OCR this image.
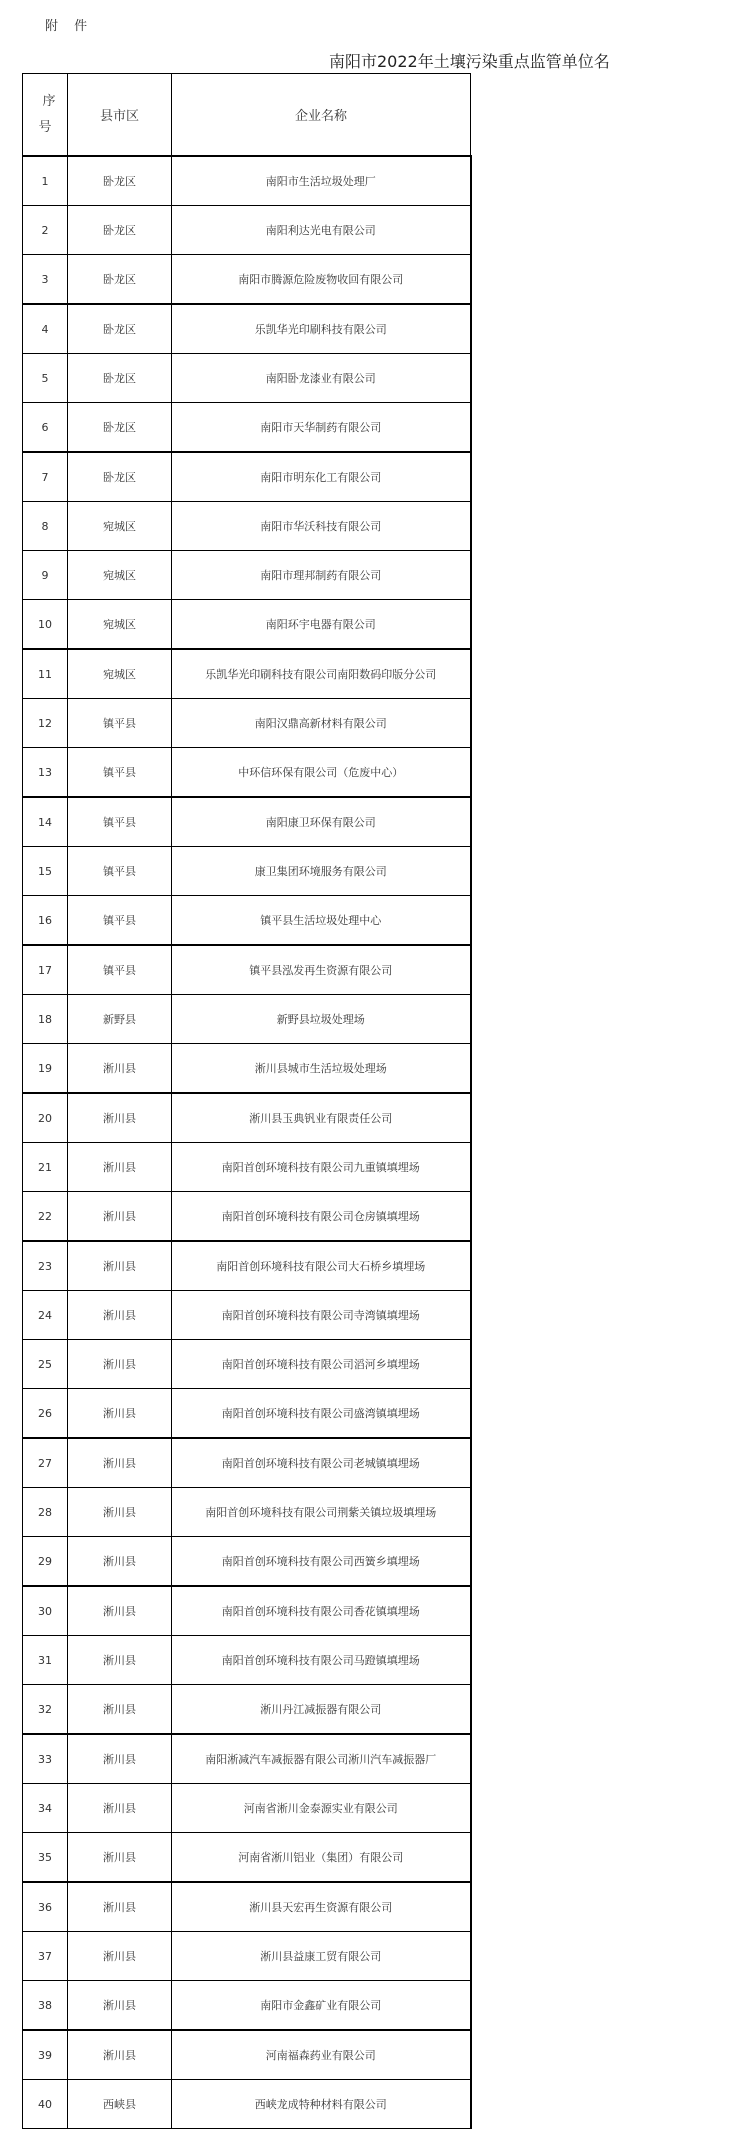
附 件
南阳市2022年土壤污染重点监管单位名
序
号	县市区	企业名称
1	卧龙区	南阳市生活垃圾处理厂
2	卧龙区	南阳利达光电有限公司
3	卧龙区	南阳市腾源危险废物收回有限公司
4	卧龙区	乐凯华光印刷科技有限公司
5	卧龙区	南阳卧龙漆业有限公司
6	卧龙区	南阳市天华制药有限公司
7	卧龙区	南阳市明东化工有限公司
8	宛城区	南阳市华沃科技有限公司
9	宛城区	南阳市理邦制药有限公司
10	宛城区	南阳环宇电器有限公司
11	宛城区	乐凯华光印刷科技有限公司南阳数码印版分公司
12	镇平县	南阳汉鼎高新材料有限公司
13	镇平县	中环信环保有限公司（危废中心）
14	镇平县	南阳康卫环保有限公司
15	镇平县	康卫集团环境服务有限公司
16	镇平县	镇平县生活垃圾处理中心
17	镇平县	镇平县泓发再生资源有限公司
18	新野县	新野县垃圾处理场
19	淅川县	淅川县城市生活垃圾处理场
20	淅川县	淅川县玉典钒业有限责任公司
21	淅川县	南阳首创环境科技有限公司九重镇填埋场
22	淅川县	南阳首创环境科技有限公司仓房镇填埋场
23	淅川县	南阳首创环境科技有限公司大石桥乡填埋场
24	淅川县	南阳首创环境科技有限公司寺湾镇填埋场
25	淅川县	南阳首创环境科技有限公司滔河乡填埋场
26	淅川县	南阳首创环境科技有限公司盛湾镇填埋场
27	淅川县	南阳首创环境科技有限公司老城镇填埋场
28	淅川县	南阳首创环境科技有限公司荆紫关镇垃圾填埋场
29	淅川县	南阳首创环境科技有限公司西簧乡填埋场
30	淅川县	南阳首创环境科技有限公司香花镇填埋场
31	淅川县	南阳首创环境科技有限公司马蹬镇填埋场
32	淅川县	淅川丹江减振器有限公司
33	淅川县	南阳淅减汽车减振器有限公司淅川汽车减振器厂
34	淅川县	河南省淅川金泰源实业有限公司
35	淅川县	河南省淅川铝业（集团）有限公司
36	淅川县	淅川县天宏再生资源有限公司
37	淅川县	淅川县益康工贸有限公司
38	淅川县	南阳市金鑫矿业有限公司
39	淅川县	河南福森药业有限公司
40	西峡县	西峡龙成特种材料有限公司
